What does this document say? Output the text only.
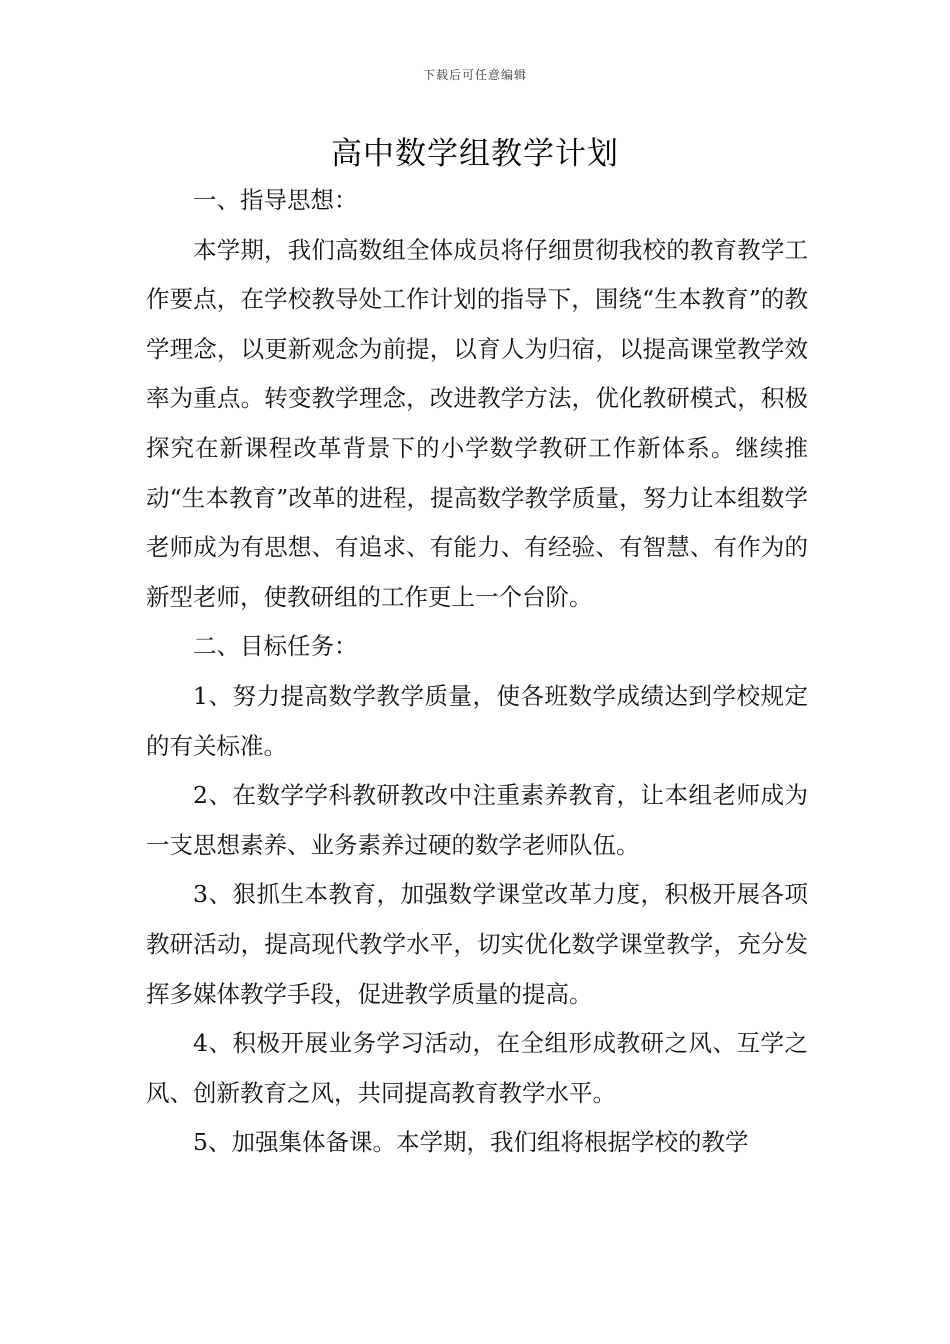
下载后可任意编辑
高中数学组教学计划

一、指导思想：

本学期，我们高数组全体成员将仔细贯彻我校的教育教学工作要点，在学校教导处工作计划的指导下，围绕“生本教育”的教学理念，以更新观念为前提，以育人为归宿，以提高课堂教学效率为重点。转变教学理念，改进教学方法，优化教研模式，积极探究在新课程改革背景下的小学数学教研工作新体系。继续推动“生本教育”改革的进程，提高数学教学质量，努力让本组数学老师成为有思想、有追求、有能力、有经验、有智慧、有作为的新型老师，使教研组的工作更上一个台阶。

二、目标任务：

1、努力提高数学教学质量，使各班数学成绩达到学校规定的有关标准。

2、在数学学科教研教改中注重素养教育，让本组老师成为一支思想素养、业务素养过硬的数学老师队伍。

3、狠抓生本教育，加强数学课堂改革力度，积极开展各项教研活动，提高现代教学水平，切实优化数学课堂教学，充分发挥多媒体教学手段，促进教学质量的提高。

4、积极开展业务学习活动，在全组形成教研之风、互学之风、创新教育之风，共同提高教育教学水平。

5、加强集体备课。本学期，我们组将根据学校的教学
